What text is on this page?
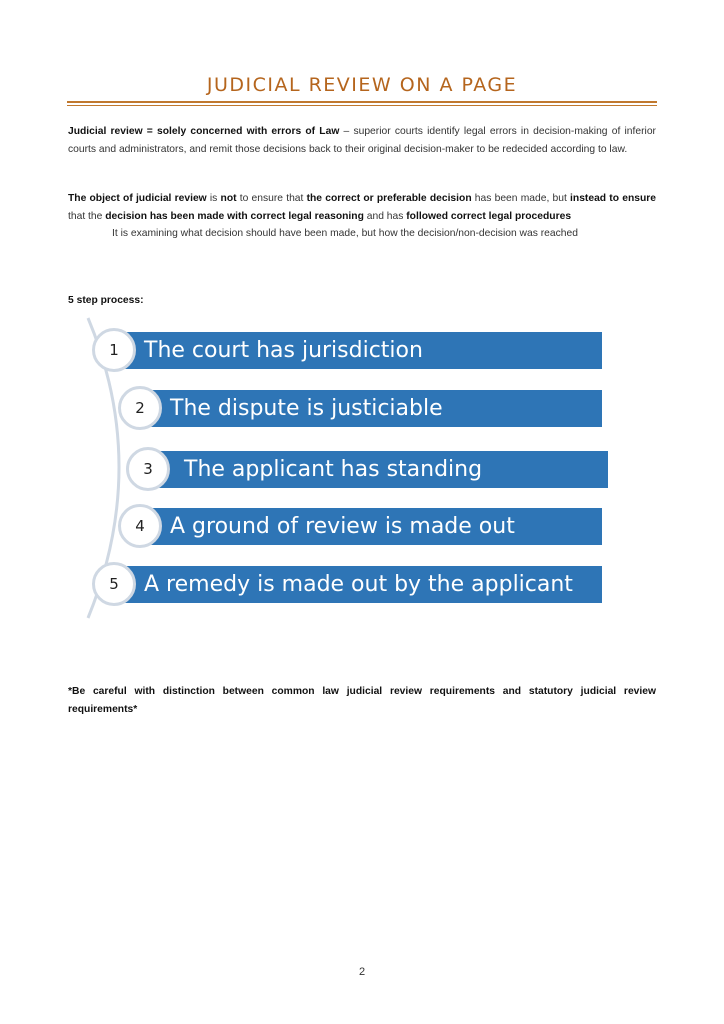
JUDICIAL REVIEW ON A PAGE
Judicial review = solely concerned with errors of Law – superior courts identify legal errors in decision-making of inferior courts and administrators, and remit those decisions back to their original decision-maker to be redecided according to law.
The object of judicial review is not to ensure that the correct or preferable decision has been made, but instead to ensure that the decision has been made with correct legal reasoning and has followed correct legal procedures
It is examining what decision should have been made, but how the decision/non-decision was reached
5 step process:
The court has jurisdiction
1
The dispute is justiciable
2
The applicant has standing
3
A ground of review is made out
4
A remedy is made out by the applicant
5
*Be careful with distinction between common law judicial review requirements and statutory judicial review requirements*
2
